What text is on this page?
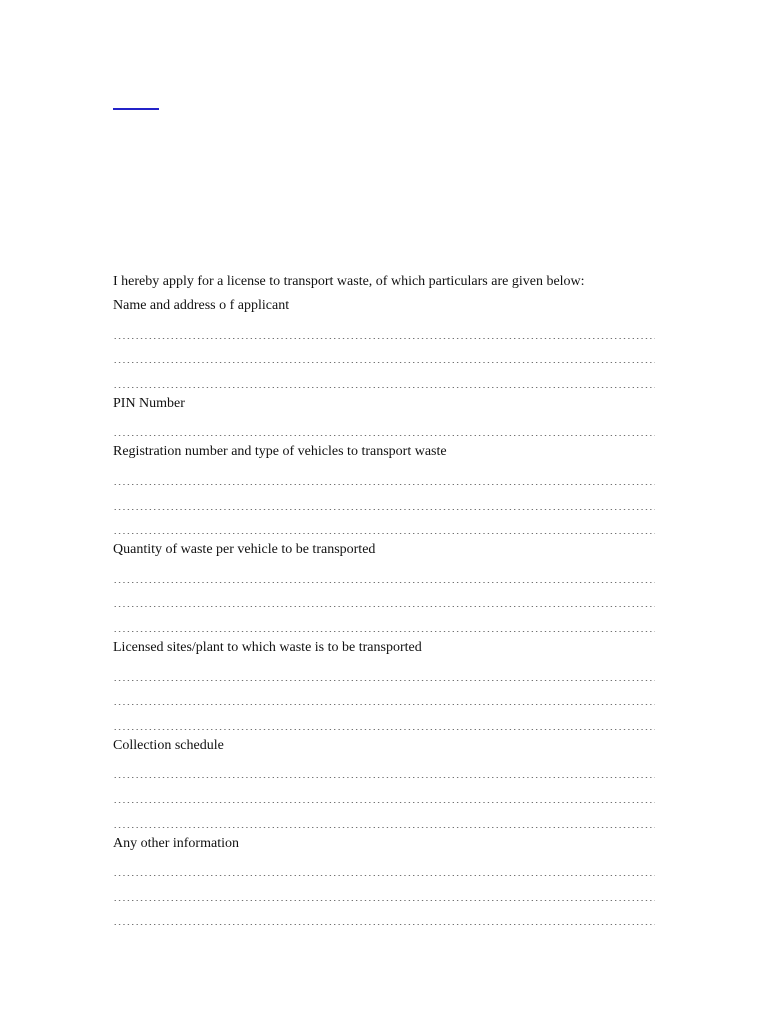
I hereby apply for a license to transport waste, of which particulars are given below:
Name and address o f applicant
PIN Number
Registration number and type of vehicles to transport waste
Quantity of waste per vehicle to be transported
Licensed sites/plant to which waste is to be transported
Collection schedule
Any other information
